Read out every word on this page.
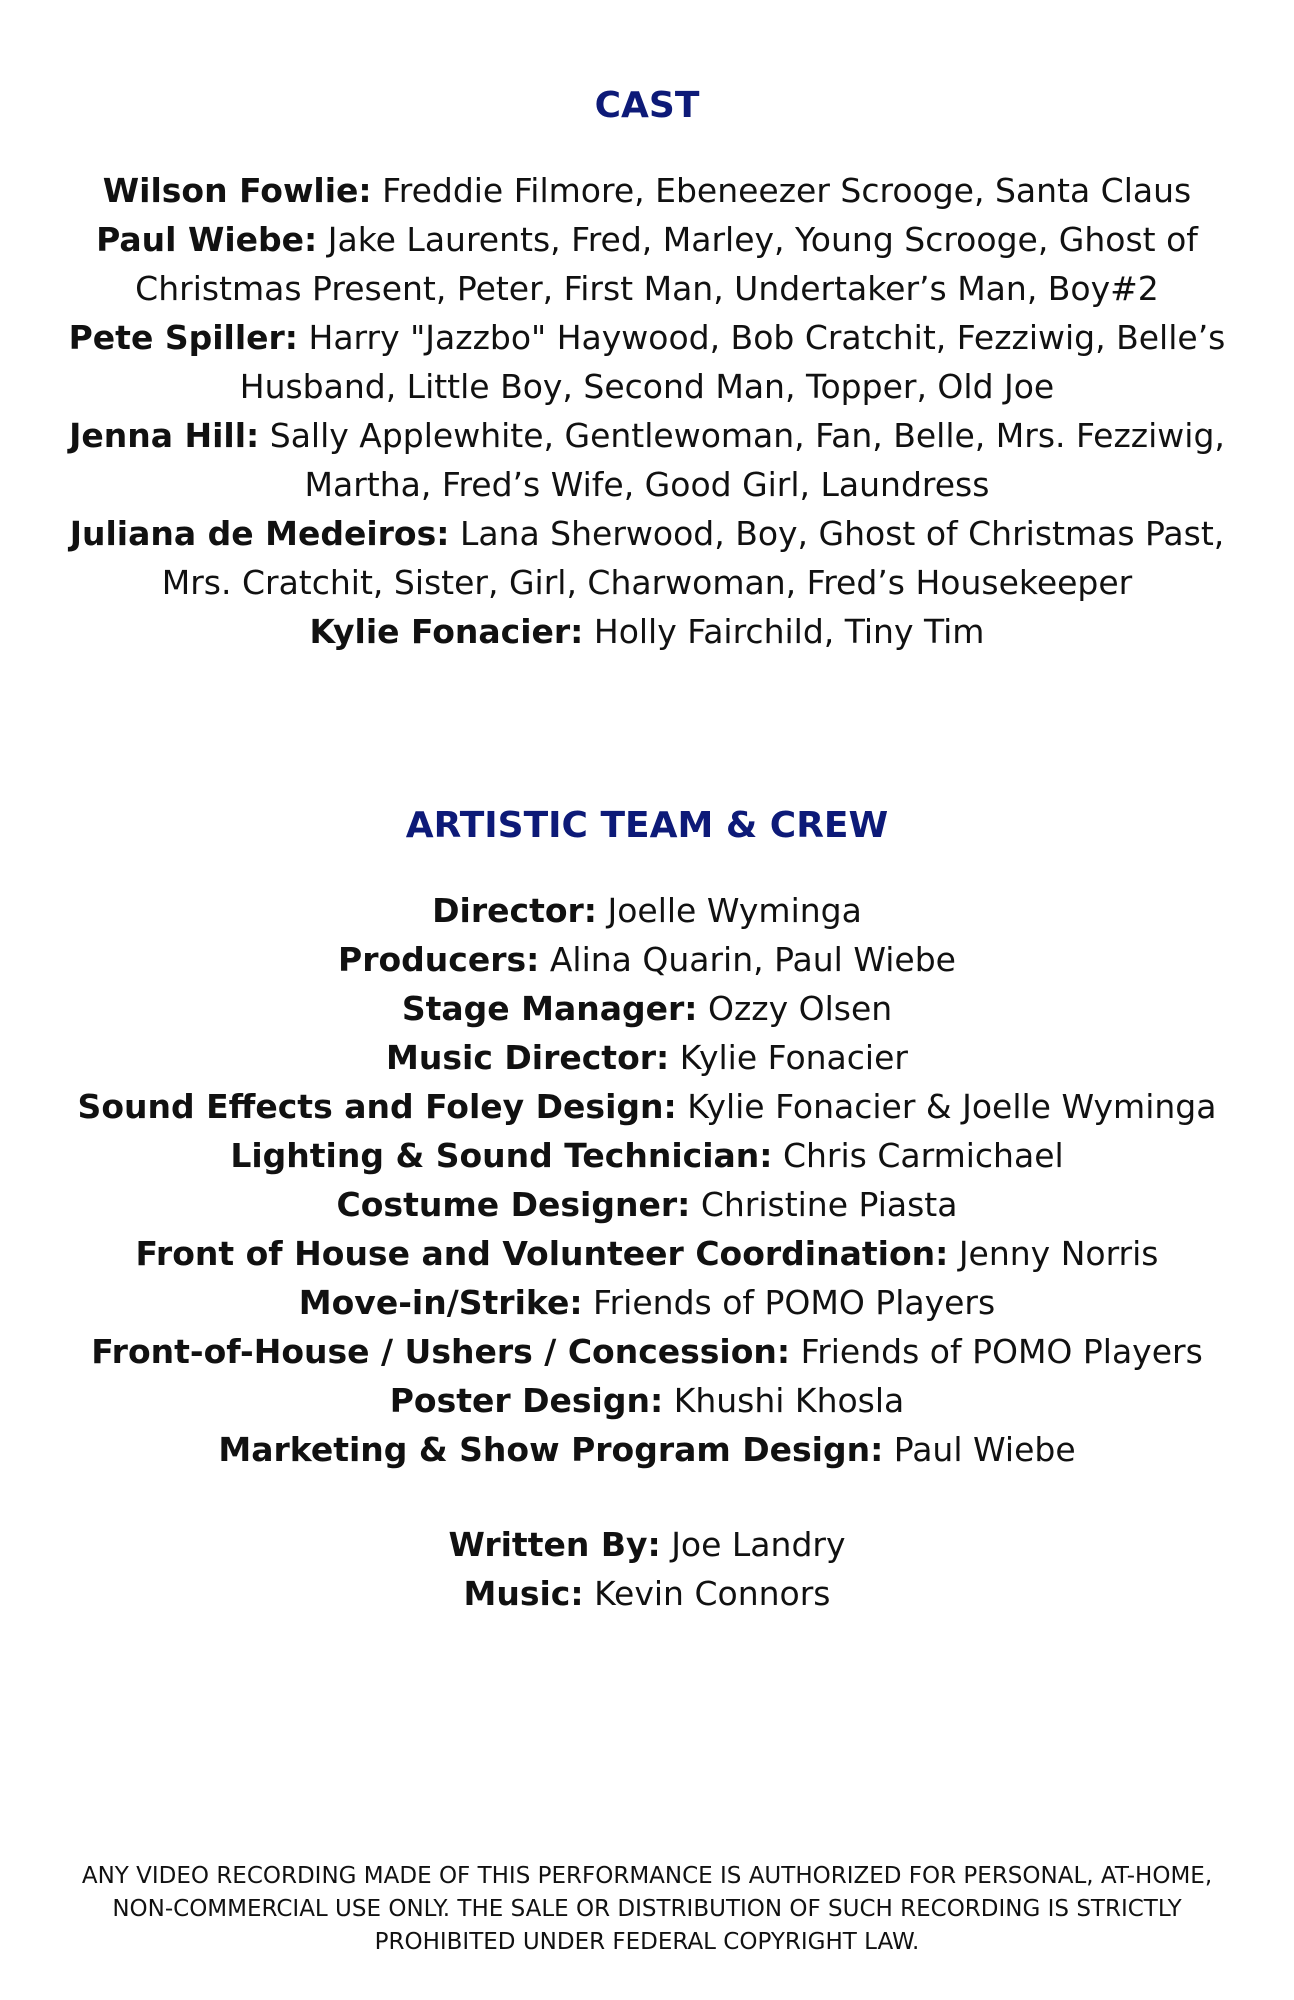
CAST
Wilson Fowlie: Freddie Filmore, Ebeneezer Scrooge, Santa Claus
Paul Wiebe: Jake Laurents, Fred, Marley, Young Scrooge, Ghost of Christmas Present, Peter, First Man, Undertaker’s Man, Boy#2
Pete Spiller: Harry "Jazzbo" Haywood, Bob Cratchit, Fezziwig, Belle’s Husband, Little Boy, Second Man, Topper, Old Joe
Jenna Hill: Sally Applewhite, Gentlewoman, Fan, Belle, Mrs. Fezziwig, Martha, Fred’s Wife, Good Girl, Laundress
Juliana de Medeiros: Lana Sherwood, Boy, Ghost of Christmas Past, Mrs. Cratchit, Sister, Girl, Charwoman, Fred’s Housekeeper
Kylie Fonacier: Holly Fairchild, Tiny Tim
ARTISTIC TEAM & CREW
Director: Joelle Wyminga
Producers: Alina Quarin, Paul Wiebe
Stage Manager: Ozzy Olsen
Music Director: Kylie Fonacier
Sound Effects and Foley Design: Kylie Fonacier & Joelle Wyminga
Lighting & Sound Technician: Chris Carmichael
Costume Designer: Christine Piasta
Front of House and Volunteer Coordination: Jenny Norris
Move-in/Strike: Friends of POMO Players
Front-of-House / Ushers / Concession: Friends of POMO Players
Poster Design: Khushi Khosla
Marketing & Show Program Design: Paul Wiebe
Written By: Joe Landry
Music: Kevin Connors

ANY VIDEO RECORDING MADE OF THIS PERFORMANCE IS AUTHORIZED FOR PERSONAL, AT-HOME, NON-COMMERCIAL USE ONLY. THE SALE OR DISTRIBUTION OF SUCH RECORDING IS STRICTLY PROHIBITED UNDER FEDERAL COPYRIGHT LAW.
